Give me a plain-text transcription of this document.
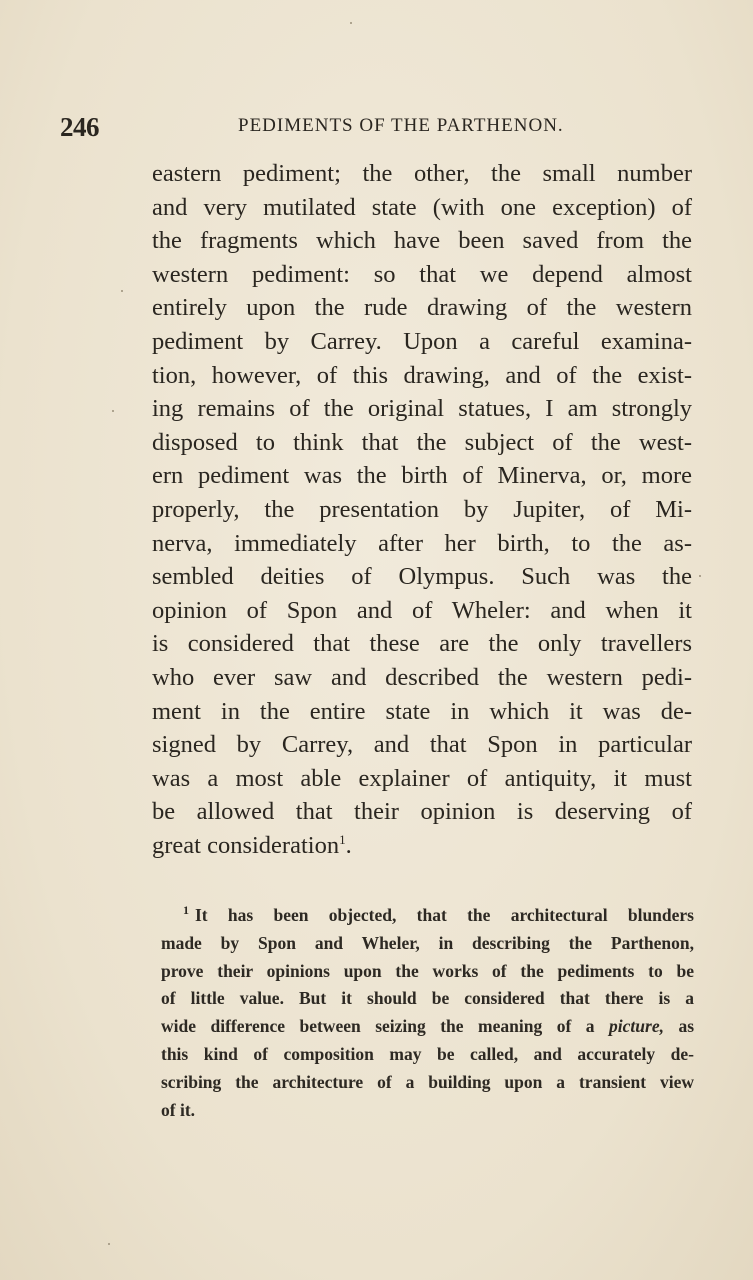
246	PEDIMENTS OF THE PARTHENON.
eastern pediment; the other, the small number
and very mutilated state (with one exception) of
the fragments which have been saved from the
western pediment: so that we depend almost
entirely upon the rude drawing of the western
pediment by Carrey. Upon a careful examina-
tion, however, of this drawing, and of the exist-
ing remains of the original statues, I am strongly
disposed to think that the subject of the west-
ern pediment was the birth of Minerva, or, more
properly, the presentation by Jupiter, of Mi-
nerva, immediately after her birth, to the as-
sembled deities of Olympus. Such was the
opinion of Spon and of Wheler: and when it
is considered that these are the only travellers
who ever saw and described the western pedi-
ment in the entire state in which it was de-
signed by Carrey, and that Spon in particular
was a most able explainer of antiquity, it must
be allowed that their opinion is deserving of
great consideration$^1$.
$^1$ It has been objected, that the architectural blunders
made by Spon and Wheler, in describing the Parthenon,
prove their opinions upon the works of the pediments to be
of little value. But it should be considered that there is a
wide difference between seizing the meaning of a picture, as
this kind of composition may be called, and accurately de-
scribing the architecture of a building upon a transient view
of it.
